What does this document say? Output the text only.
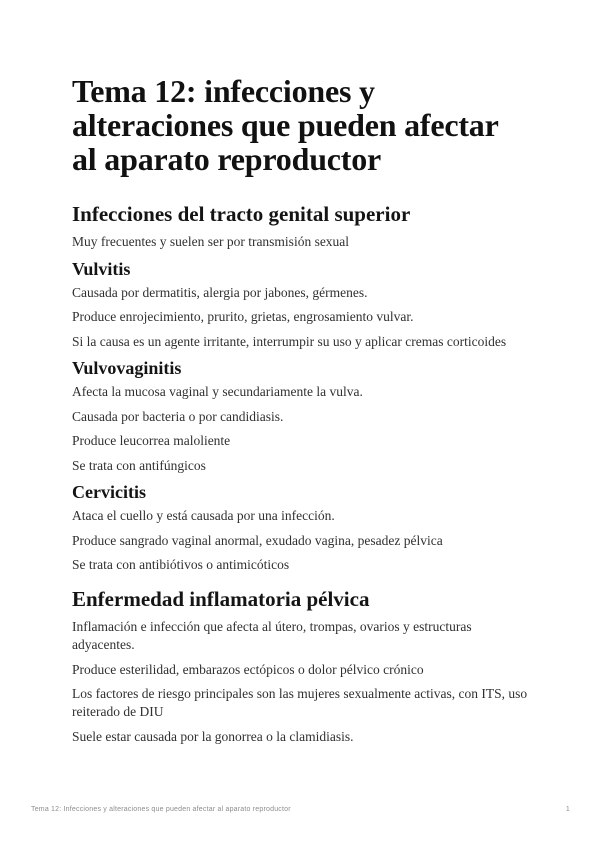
Tema 12: infecciones y
alteraciones que pueden afectar
al aparato reproductor
Infecciones del tracto genital superior

Muy frecuentes y suelen ser por transmisión sexual

Vulvitis

Causada por dermatitis, alergia por jabones, gérmenes.

Produce enrojecimiento, prurito, grietas, engrosamiento vulvar.

Si la causa es un agente irritante, interrumpir su uso y aplicar cremas corticoides

Vulvovaginitis

Afecta la mucosa vaginal y secundariamente la vulva.

Causada por bacteria o por candidiasis.

Produce leucorrea maloliente

Se trata con antifúngicos

Cervicitis

Ataca el cuello y está causada por una infección.

Produce sangrado vaginal anormal, exudado vagina, pesadez pélvica

Se trata con antibiótivos o antimicóticos

Enfermedad inflamatoria pélvica

Inflamación e infección que afecta al útero, trompas, ovarios y estructuras
adyacentes.

Produce esterilidad, embarazos ectópicos o dolor pélvico crónico

Los factores de riesgo principales son las mujeres sexualmente activas, con ITS, uso
reiterado de DIU

Suele estar causada por la gonorrea o la clamidiasis.

Tema 12: Infecciones y alteraciones que pueden afectar al aparato reproductor	1
